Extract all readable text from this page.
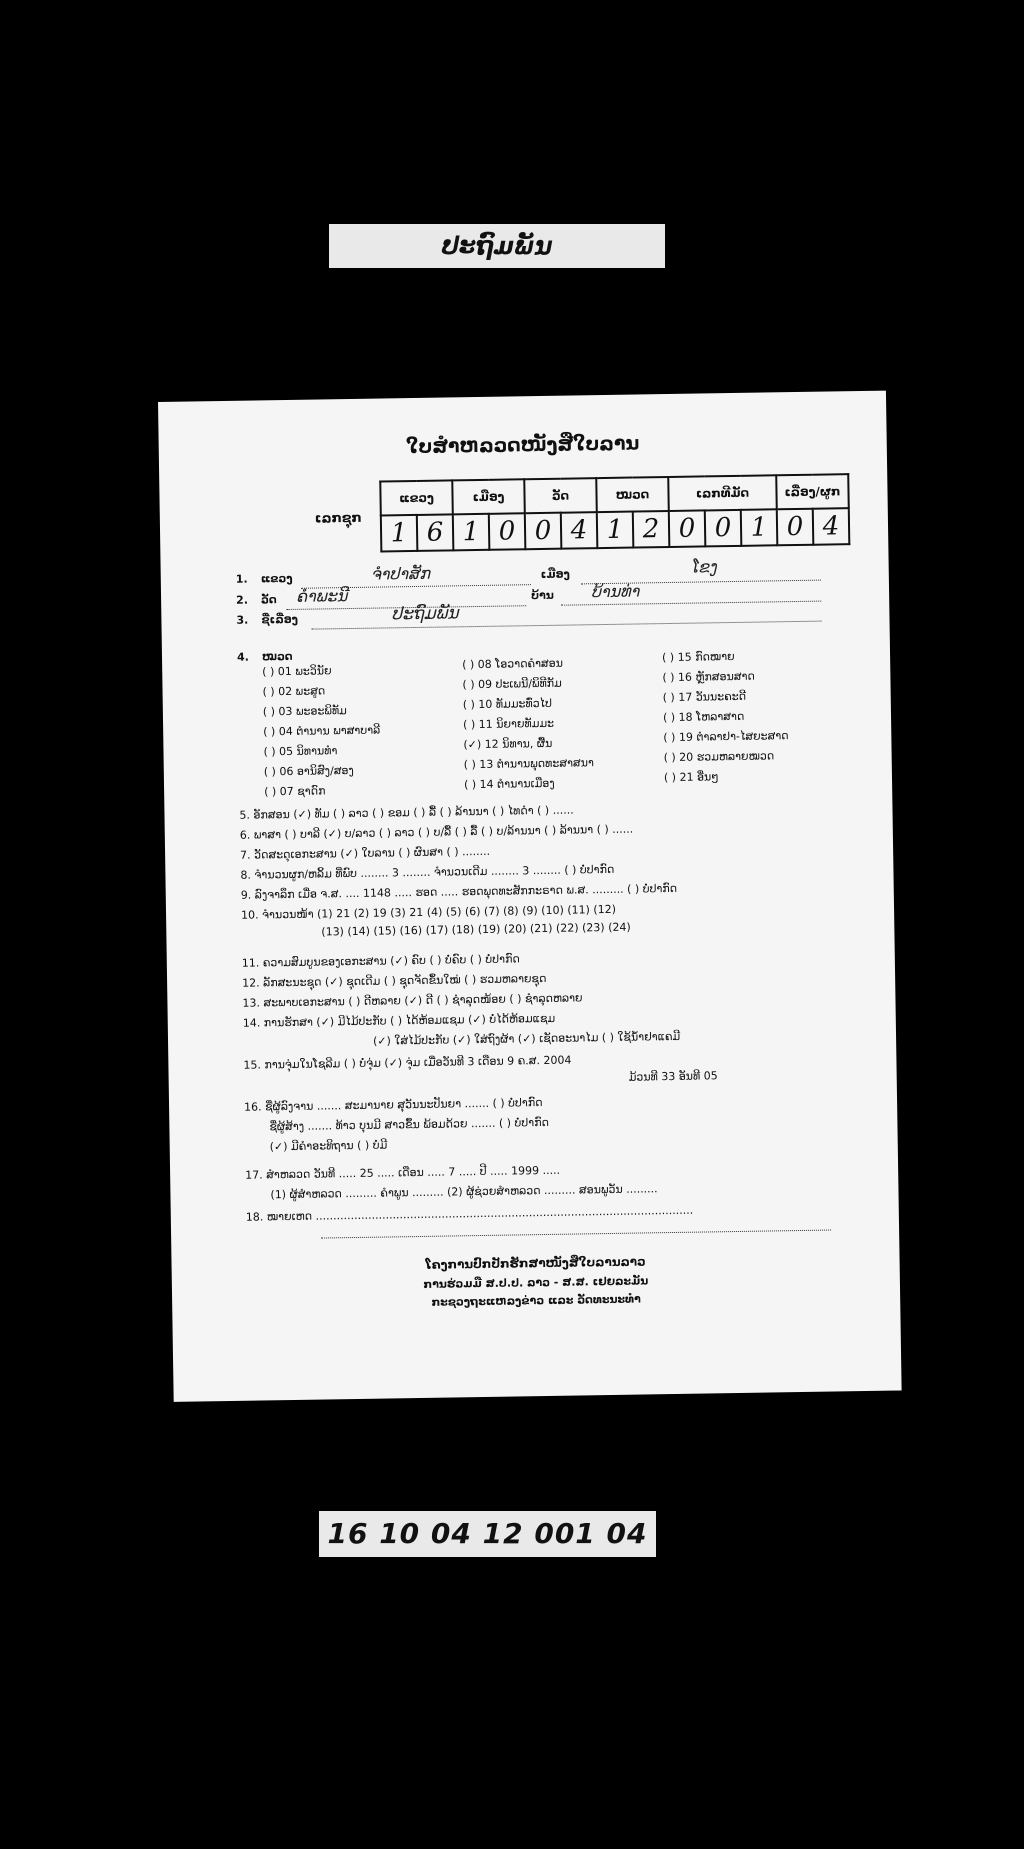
ປະຖົມພັນ
ໃບສຳຫລວດໜັງສືໃບລານ
ເລກຊຸກ
ແຂວງ		ເມືອງ		ວັດ		ໝວດ		ເລກທີມັດ			ເລື່ອງ/ຜູກ	
1	6	1	0	0	4	1	2	0	0	1	0	4
1. ແຂວງ	ຈຳປາສັກ	ເມືອງ	ໂຂງ
2. ວັດ ຄຳພະນີ	ບ້ານ ບ້ານທ່າ
3. ຊື່ເລື່ອງ	ປະຖົມພັນ
4. ໝວດ
( ) 01 ພະວິນັຍ
( ) 02 ພະສູດ
( ) 03 ພະອະພິທັມ
( ) 04 ຕຳນານ ພາສາບາລີ
( ) 05 ນິທານທຳ
( ) 06 ອານິສົງ/ສອງ
( ) 07 ຊາດົກ
( ) 08 ໂອວາດຄຳສອນ
( ) 09 ປະເພນີ/ພິທີກັມ
( ) 10 ທັມມະທົ່ວໄປ
( ) 11 ນິຍາຍທັມມະ
(✓) 12 ນິທານ, ຜື້ນ
( ) 13 ຕຳນານພຸດທະສາສນາ
( ) 14 ຕຳນານເມືອງ
( ) 15 ກົດໝາຍ
( ) 16 ຫຼັກສອນສາດ
( ) 17 ວັນນະຄະດີ
( ) 18 ໂຫລາສາດ
( ) 19 ຕຳລາຢາ-ໄສຍະສາດ
( ) 20 ຮວມຫລາຍໝວດ
( ) 21 ອື່ນໆ
5. ອັກສອນ (✓) ທັມ ( ) ລາວ ( ) ຂອມ ( ) ລື້ ( ) ລ້ານນາ ( ) ໄທດຳ ( ) ......
6. ພາສາ ( ) ບາລີ (✓) ບ/ລາວ ( ) ລາວ ( ) ບ/ລື້ ( ) ລື້ ( ) ບ/ລ້ານນາ ( ) ລ້ານນາ ( ) ......
7. ວັດສະດຸເອກະສານ (✓) ໃບລານ ( ) ຜົນສາ ( ) ........
8. ຈຳນວນຜູກ/ຫລິ້ມ ທີ່ພົບ ........ 3 ........ ຈຳນວນເດີມ ........ 3 ........ ( ) ບໍ່ປາກົດ
9. ລົງຈາລຶກ ເມື່ອ ຈ.ສ. .... 1148 ..... ຮອດ ..... ຮອດພຸດທະສັກກະຣາດ ພ.ສ. ......... ( ) ບໍ່ປາກົດ
10. ຈຳນວນໜ້າ (1) 21 (2) 19 (3) 21 (4) (5) (6) (7) (8) (9) (10) (11) (12)
(13) (14) (15) (16) (17) (18) (19) (20) (21) (22) (23) (24)
11. ຄວາມສົມບູນຂອງເອກະສານ (✓) ຄົບ ( ) ບໍ່ຄົບ ( ) ບໍ່ປາກົດ
12. ລັກສະນະຊຸດ (✓) ຊຸດເດີມ ( ) ຊຸດຈັດຂຶ້ນໃໝ່ ( ) ຮວມຫລາຍຊຸດ
13. ສະພາບເອກະສານ ( ) ດີຫລາຍ (✓) ດີ ( ) ຊຳລຸດໜ້ອຍ ( ) ຊຳລຸດຫລາຍ
14. ການຮັກສາ (✓) ມີໄມ້ປະກັບ ( ) ໄດ້ຫ້ອມແຊມ (✓) ບໍ່ໄດ້ຫ້ອມແຊມ
(✓) ໃສ່ໄມ້ປະກັບ (✓) ໃສ່ຖົງຜ້າ (✓) ເຊັດອະນາໄມ ( ) ໃຊ້ນ້ຳຢາແຄມີ
15. ການຈຸ່ມໃນໂຊລີມ ( ) ບໍ່ຈຸ່ມ (✓) ຈຸ່ມ ເມື່ອວັນທີ 3 ເດືອນ 9 ຄ.ສ. 2004
ມ້ວນທີ 33 ອັນທີ 05
16. ຊື່ຜູ້ລົງຈານ ....... ສະມານາຍ ສຸວັນນະປັນຍາ ....... ( ) ບໍ່ປາກົດ
ຊື່ຜູ້ສ້າງ ....... ທ້າວ ບຸນມີ ສາວຂຶ້ນ ພ້ອມດ້ວຍ ....... ( ) ບໍ່ປາກົດ
(✓) ມີຄຳອະທິຖານ ( ) ບໍ່ມີ
17. ສຳຫລວດ ວັນທີ ..... 25 ..... ເດືອນ ..... 7 ..... ປີ ..... 1999 .....
(1) ຜູ້ສຳຫລວດ ......... ຄຳພູນ ......... (2) ຜູ້ຊ່ວຍສຳຫລວດ ......... ສອນພູວັນ .........
18. ໝາຍເຫດ ............................................................................................................
ໂຄງການປົກປັກຮັກສາໜັງສືໃບລານລາວ
ການຮ່ວມມື ສ.ປ.ປ. ລາວ - ສ.ສ. ເຢຍລະມັນ
ກະຊວງຖະແຫລງຂ່າວ ແລະ ວັດທະນະທຳ
16 10 04 12 001 04
